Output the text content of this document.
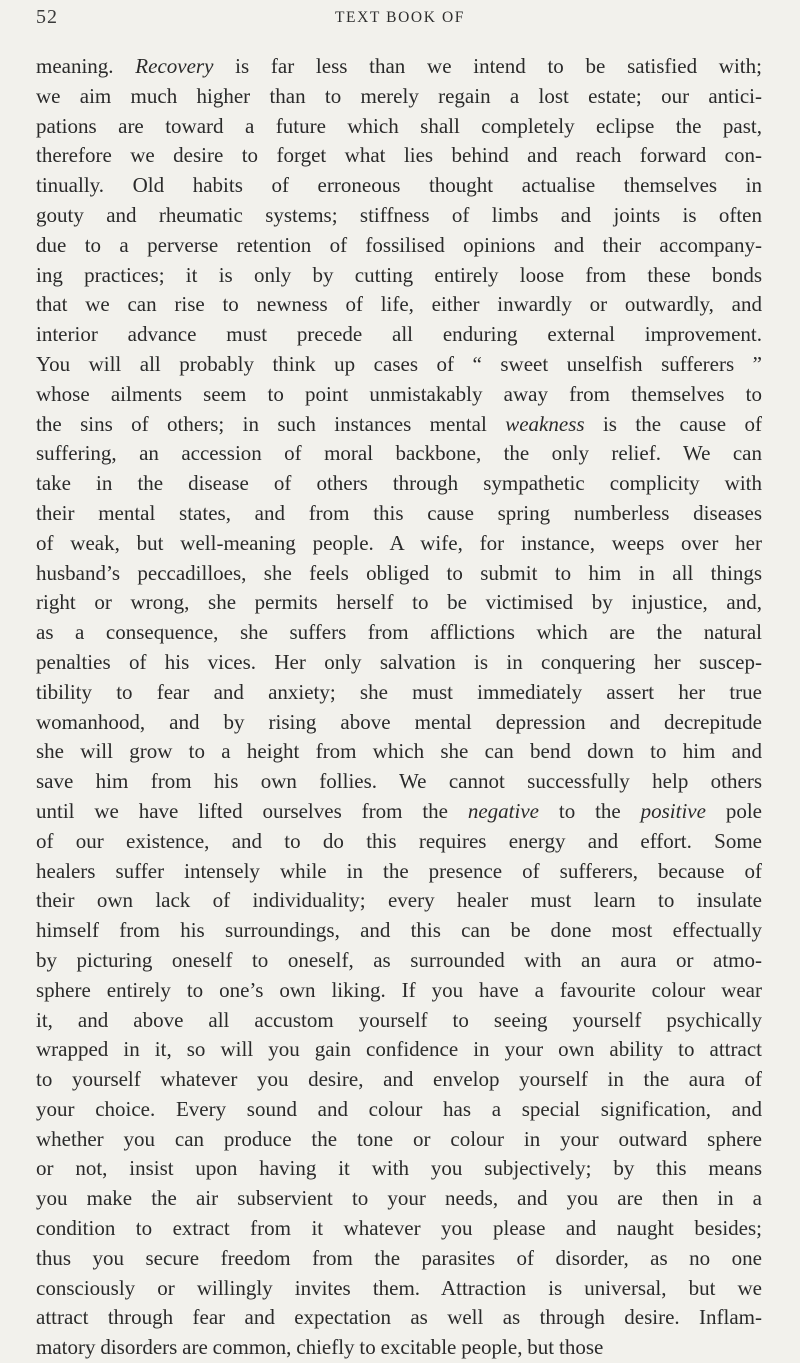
52	TEXT BOOK OF
meaning. Recovery is far less than we intend to be satisfied with;
we aim much higher than to merely regain a lost estate; our antici-
pations are toward a future which shall completely eclipse the past,
therefore we desire to forget what lies behind and reach forward con-
tinually. Old habits of erroneous thought actualise themselves in
gouty and rheumatic systems; stiffness of limbs and joints is often
due to a perverse retention of fossilised opinions and their accompany-
ing practices; it is only by cutting entirely loose from these bonds
that we can rise to newness of life, either inwardly or outwardly, and
interior advance must precede all enduring external improvement.
You will all probably think up cases of “ sweet unselfish sufferers ”
whose ailments seem to point unmistakably away from themselves to
the sins of others; in such instances mental weakness is the cause of
suffering, an accession of moral backbone, the only relief. We can
take in the disease of others through sympathetic complicity with
their mental states, and from this cause spring numberless diseases
of weak, but well-meaning people. A wife, for instance, weeps over her
husband’s peccadilloes, she feels obliged to submit to him in all things
right or wrong, she permits herself to be victimised by injustice, and,
as a consequence, she suffers from afflictions which are the natural
penalties of his vices. Her only salvation is in conquering her suscep-
tibility to fear and anxiety; she must immediately assert her true
womanhood, and by rising above mental depression and decrepitude
she will grow to a height from which she can bend down to him and
save him from his own follies. We cannot successfully help others
until we have lifted ourselves from the negative to the positive pole
of our existence, and to do this requires energy and effort. Some
healers suffer intensely while in the presence of sufferers, because of
their own lack of individuality; every healer must learn to insulate
himself from his surroundings, and this can be done most effectually
by picturing oneself to oneself, as surrounded with an aura or atmo-
sphere entirely to one’s own liking. If you have a favourite colour wear
it, and above all accustom yourself to seeing yourself psychically
wrapped in it, so will you gain confidence in your own ability to attract
to yourself whatever you desire, and envelop yourself in the aura of
your choice. Every sound and colour has a special signification, and
whether you can produce the tone or colour in your outward sphere
or not, insist upon having it with you subjectively; by this means
you make the air subservient to your needs, and you are then in a
condition to extract from it whatever you please and naught besides;
thus you secure freedom from the parasites of disorder, as no one
consciously or willingly invites them. Attraction is universal, but we
attract through fear and expectation as well as through desire. Inflam-
matory disorders are common, chiefly to excitable people, but those
